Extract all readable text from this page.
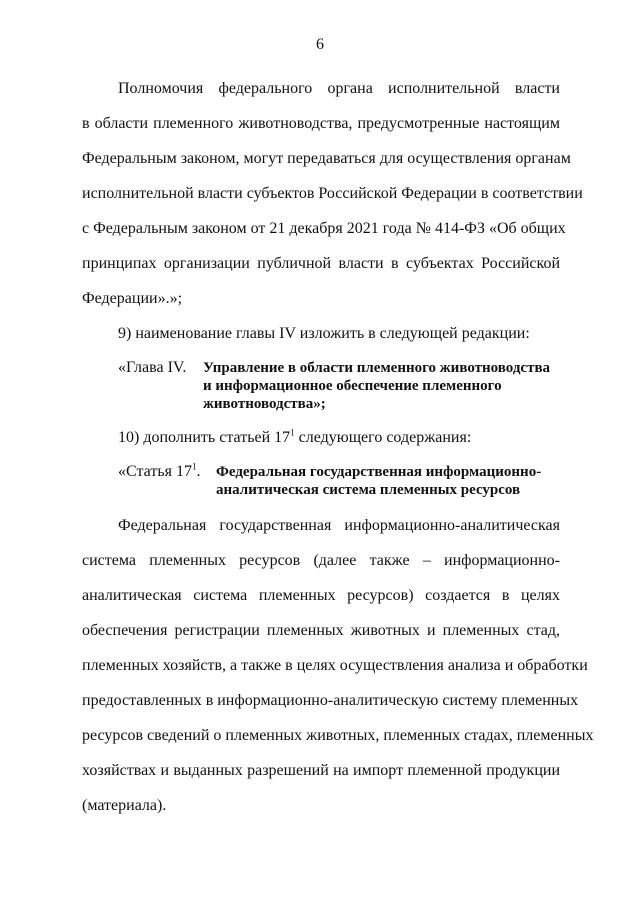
6
Полномочия федерального органа исполнительной власти
в области племенного животноводства, предусмотренные настоящим
Федеральным законом, могут передаваться для осуществления органам
исполнительной власти субъектов Российской Федерации в соответствии
с Федеральным законом от 21 декабря 2021 года № 414-ФЗ «Об общих
принципах организации публичной власти в субъектах Российской
Федерации».»;
9) наименование главы IV изложить в следующей редакции:
«Глава IV. Управление в области племенного животноводства
и информационное обеспечение племенного
животноводства»;
10) дополнить статьей $17^1$ следующего содержания:
«Статья $17^1$. Федеральная государственная информационно-
аналитическая система племенных ресурсов
Федеральная государственная информационно-аналитическая
система племенных ресурсов (далее также – информационно-
аналитическая система племенных ресурсов) создается в целях
обеспечения регистрации племенных животных и племенных стад,
племенных хозяйств, а также в целях осуществления анализа и обработки
предоставленных в информационно-аналитическую систему племенных
ресурсов сведений о племенных животных, племенных стадах, племенных
хозяйствах и выданных разрешений на импорт племенной продукции
(материала).
